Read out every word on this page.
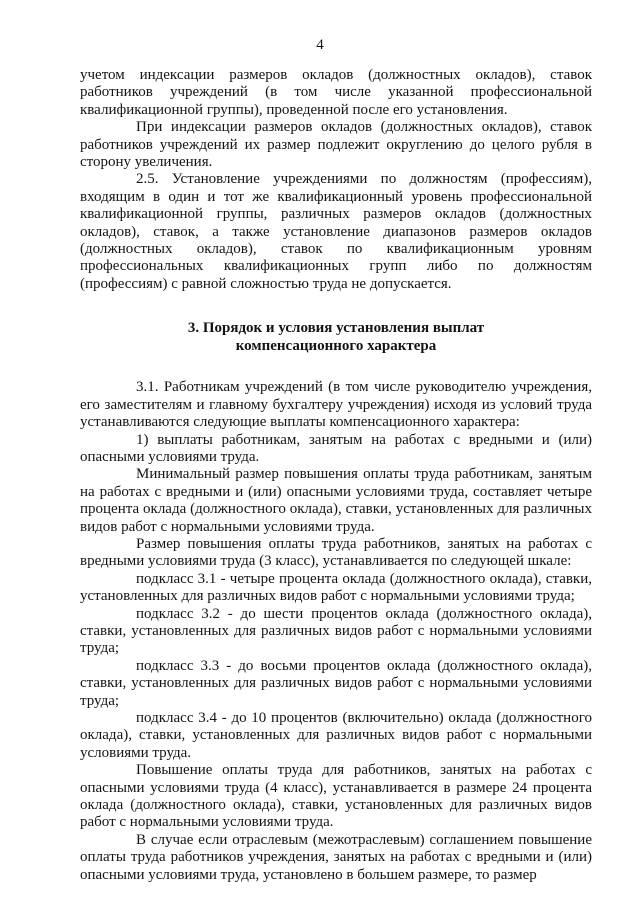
4

учетом индексации размеров окладов (должностных окладов), ставок работников учреждений (в том числе указанной профессиональной квалификационной группы), проведенной после его установления.

При индексации размеров окладов (должностных окладов), ставок работников учреждений их размер подлежит округлению до целого рубля в сторону увеличения.

2.5. Установление учреждениями по должностям (профессиям), входящим в один и тот же квалификационный уровень профессиональной квалификационной группы, различных размеров окладов (должностных окладов), ставок, а также установление диапазонов размеров окладов (должностных окладов), ставок по квалификационным уровням профессиональных квалификационных групп либо по должностям (профессиям) с равной сложностью труда не допускается.

3. Порядок и условия установления выплат
компенсационного характера

3.1. Работникам учреждений (в том числе руководителю учреждения, его заместителям и главному бухгалтеру учреждения) исходя из условий труда устанавливаются следующие выплаты компенсационного характера:

1) выплаты работникам, занятым на работах с вредными и (или) опасными условиями труда.

Минимальный размер повышения оплаты труда работникам, занятым на работах с вредными и (или) опасными условиями труда, составляет четыре процента оклада (должностного оклада), ставки, установленных для различных видов работ с нормальными условиями труда.

Размер повышения оплаты труда работников, занятых на работах с вредными условиями труда (3 класс), устанавливается по следующей шкале:

подкласс 3.1 - четыре процента оклада (должностного оклада), ставки, установленных для различных видов работ с нормальными условиями труда;

подкласс 3.2 - до шести процентов оклада (должностного оклада), ставки, установленных для различных видов работ с нормальными условиями труда;

подкласс 3.3 - до восьми процентов оклада (должностного оклада), ставки, установленных для различных видов работ с нормальными условиями труда;

подкласс 3.4 - до 10 процентов (включительно) оклада (должностного оклада), ставки, установленных для различных видов работ с нормальными условиями труда.

Повышение оплаты труда для работников, занятых на работах с опасными условиями труда (4 класс), устанавливается в размере 24 процента оклада (должностного оклада), ставки, установленных для различных видов работ с нормальными условиями труда.

В случае если отраслевым (межотраслевым) соглашением повышение оплаты труда работников учреждения, занятых на работах с вредными и (или) опасными условиями труда, установлено в большем размере, то размер
